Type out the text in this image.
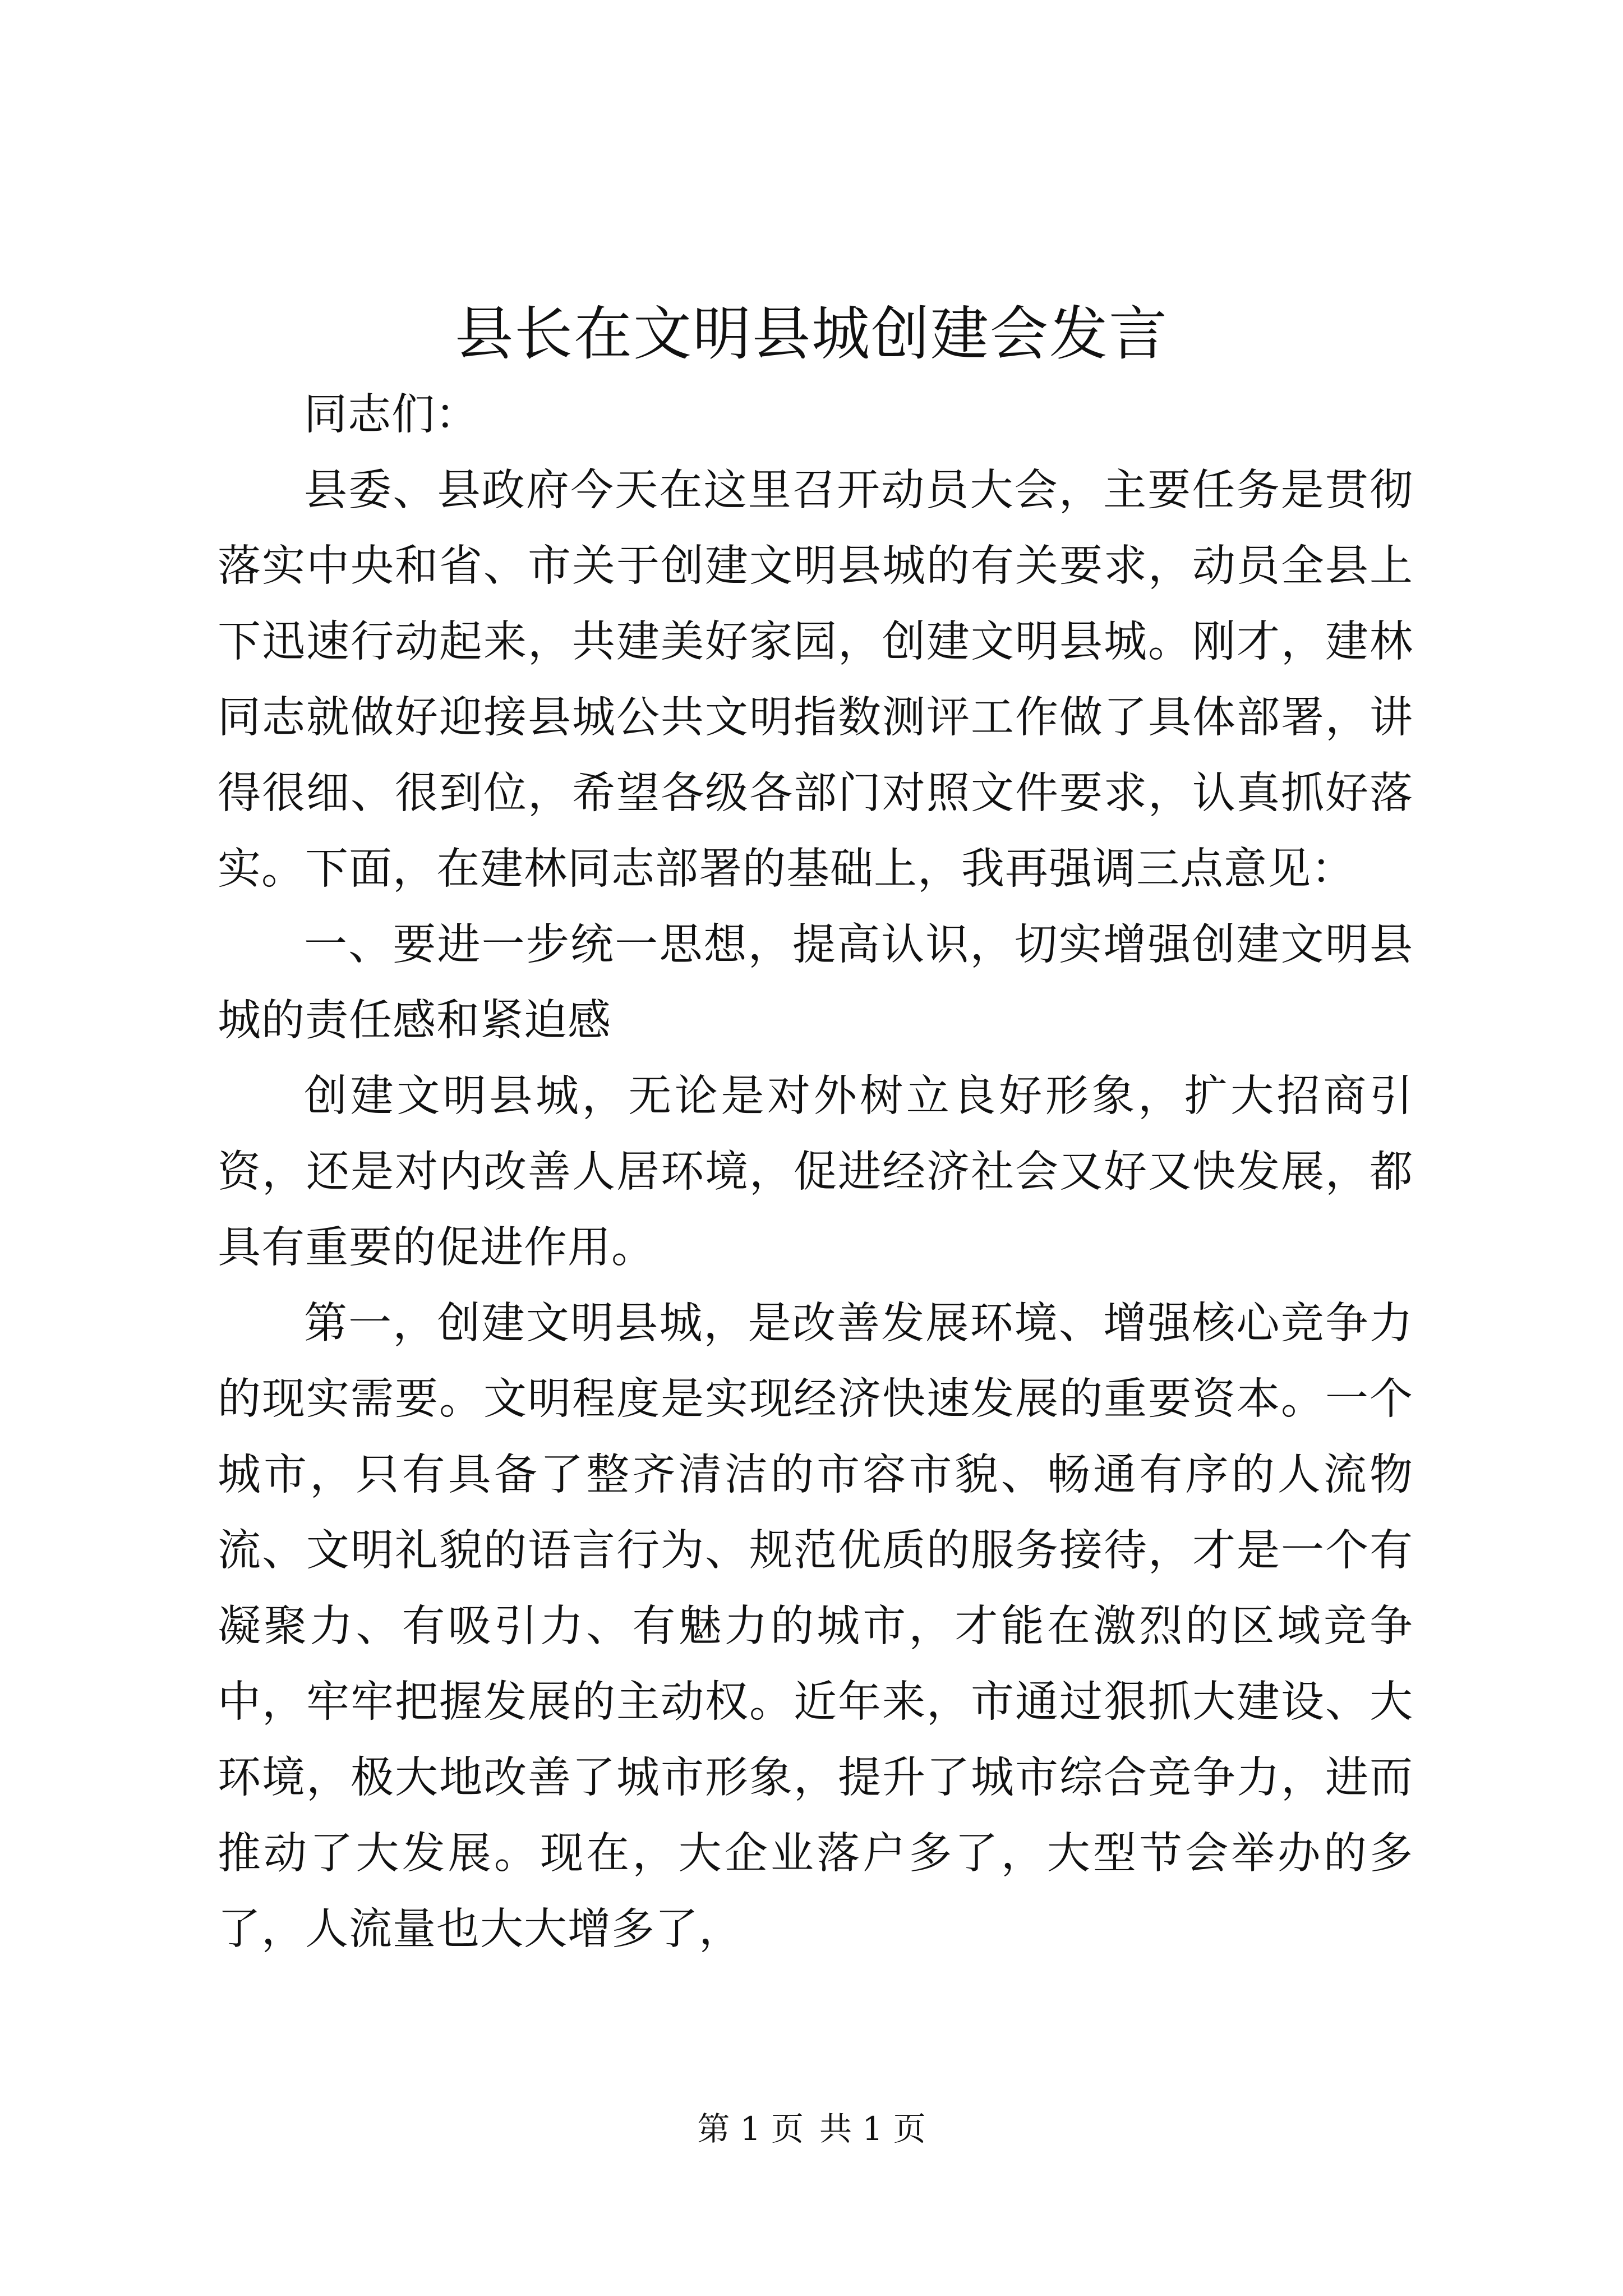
县长在文明县城创建会发言

同志们：

县委、县政府今天在这里召开动员大会，主要任务是贯彻落实中央和省、市关于创建文明县城的有关要求，动员全县上下迅速行动起来，共建美好家园，创建文明县城。刚才，建林同志就做好迎接县城公共文明指数测评工作做了具体部署，讲得很细、很到位，希望各级各部门对照文件要求，认真抓好落实。下面，在建林同志部署的基础上，我再强调三点意见：

一、要进一步统一思想，提高认识，切实增强创建文明县城的责任感和紧迫感

创建文明县城，无论是对外树立良好形象，扩大招商引资，还是对内改善人居环境，促进经济社会又好又快发展，都具有重要的促进作用。

第一，创建文明县城，是改善发展环境、增强核心竞争力的现实需要。文明程度是实现经济快速发展的重要资本。一个城市，只有具备了整齐清洁的市容市貌、畅通有序的人流物流、文明礼貌的语言行为、规范优质的服务接待，才是一个有凝聚力、有吸引力、有魅力的城市，才能在激烈的区域竞争中，牢牢把握发展的主动权。近年来，市通过狠抓大建设、大环境，极大地改善了城市形象，提升了城市综合竞争力，进而推动了大发展。现在，大企业落户多了，大型节会举办的多了，人流量也大大增多了，

第 1 页 共 1 页
